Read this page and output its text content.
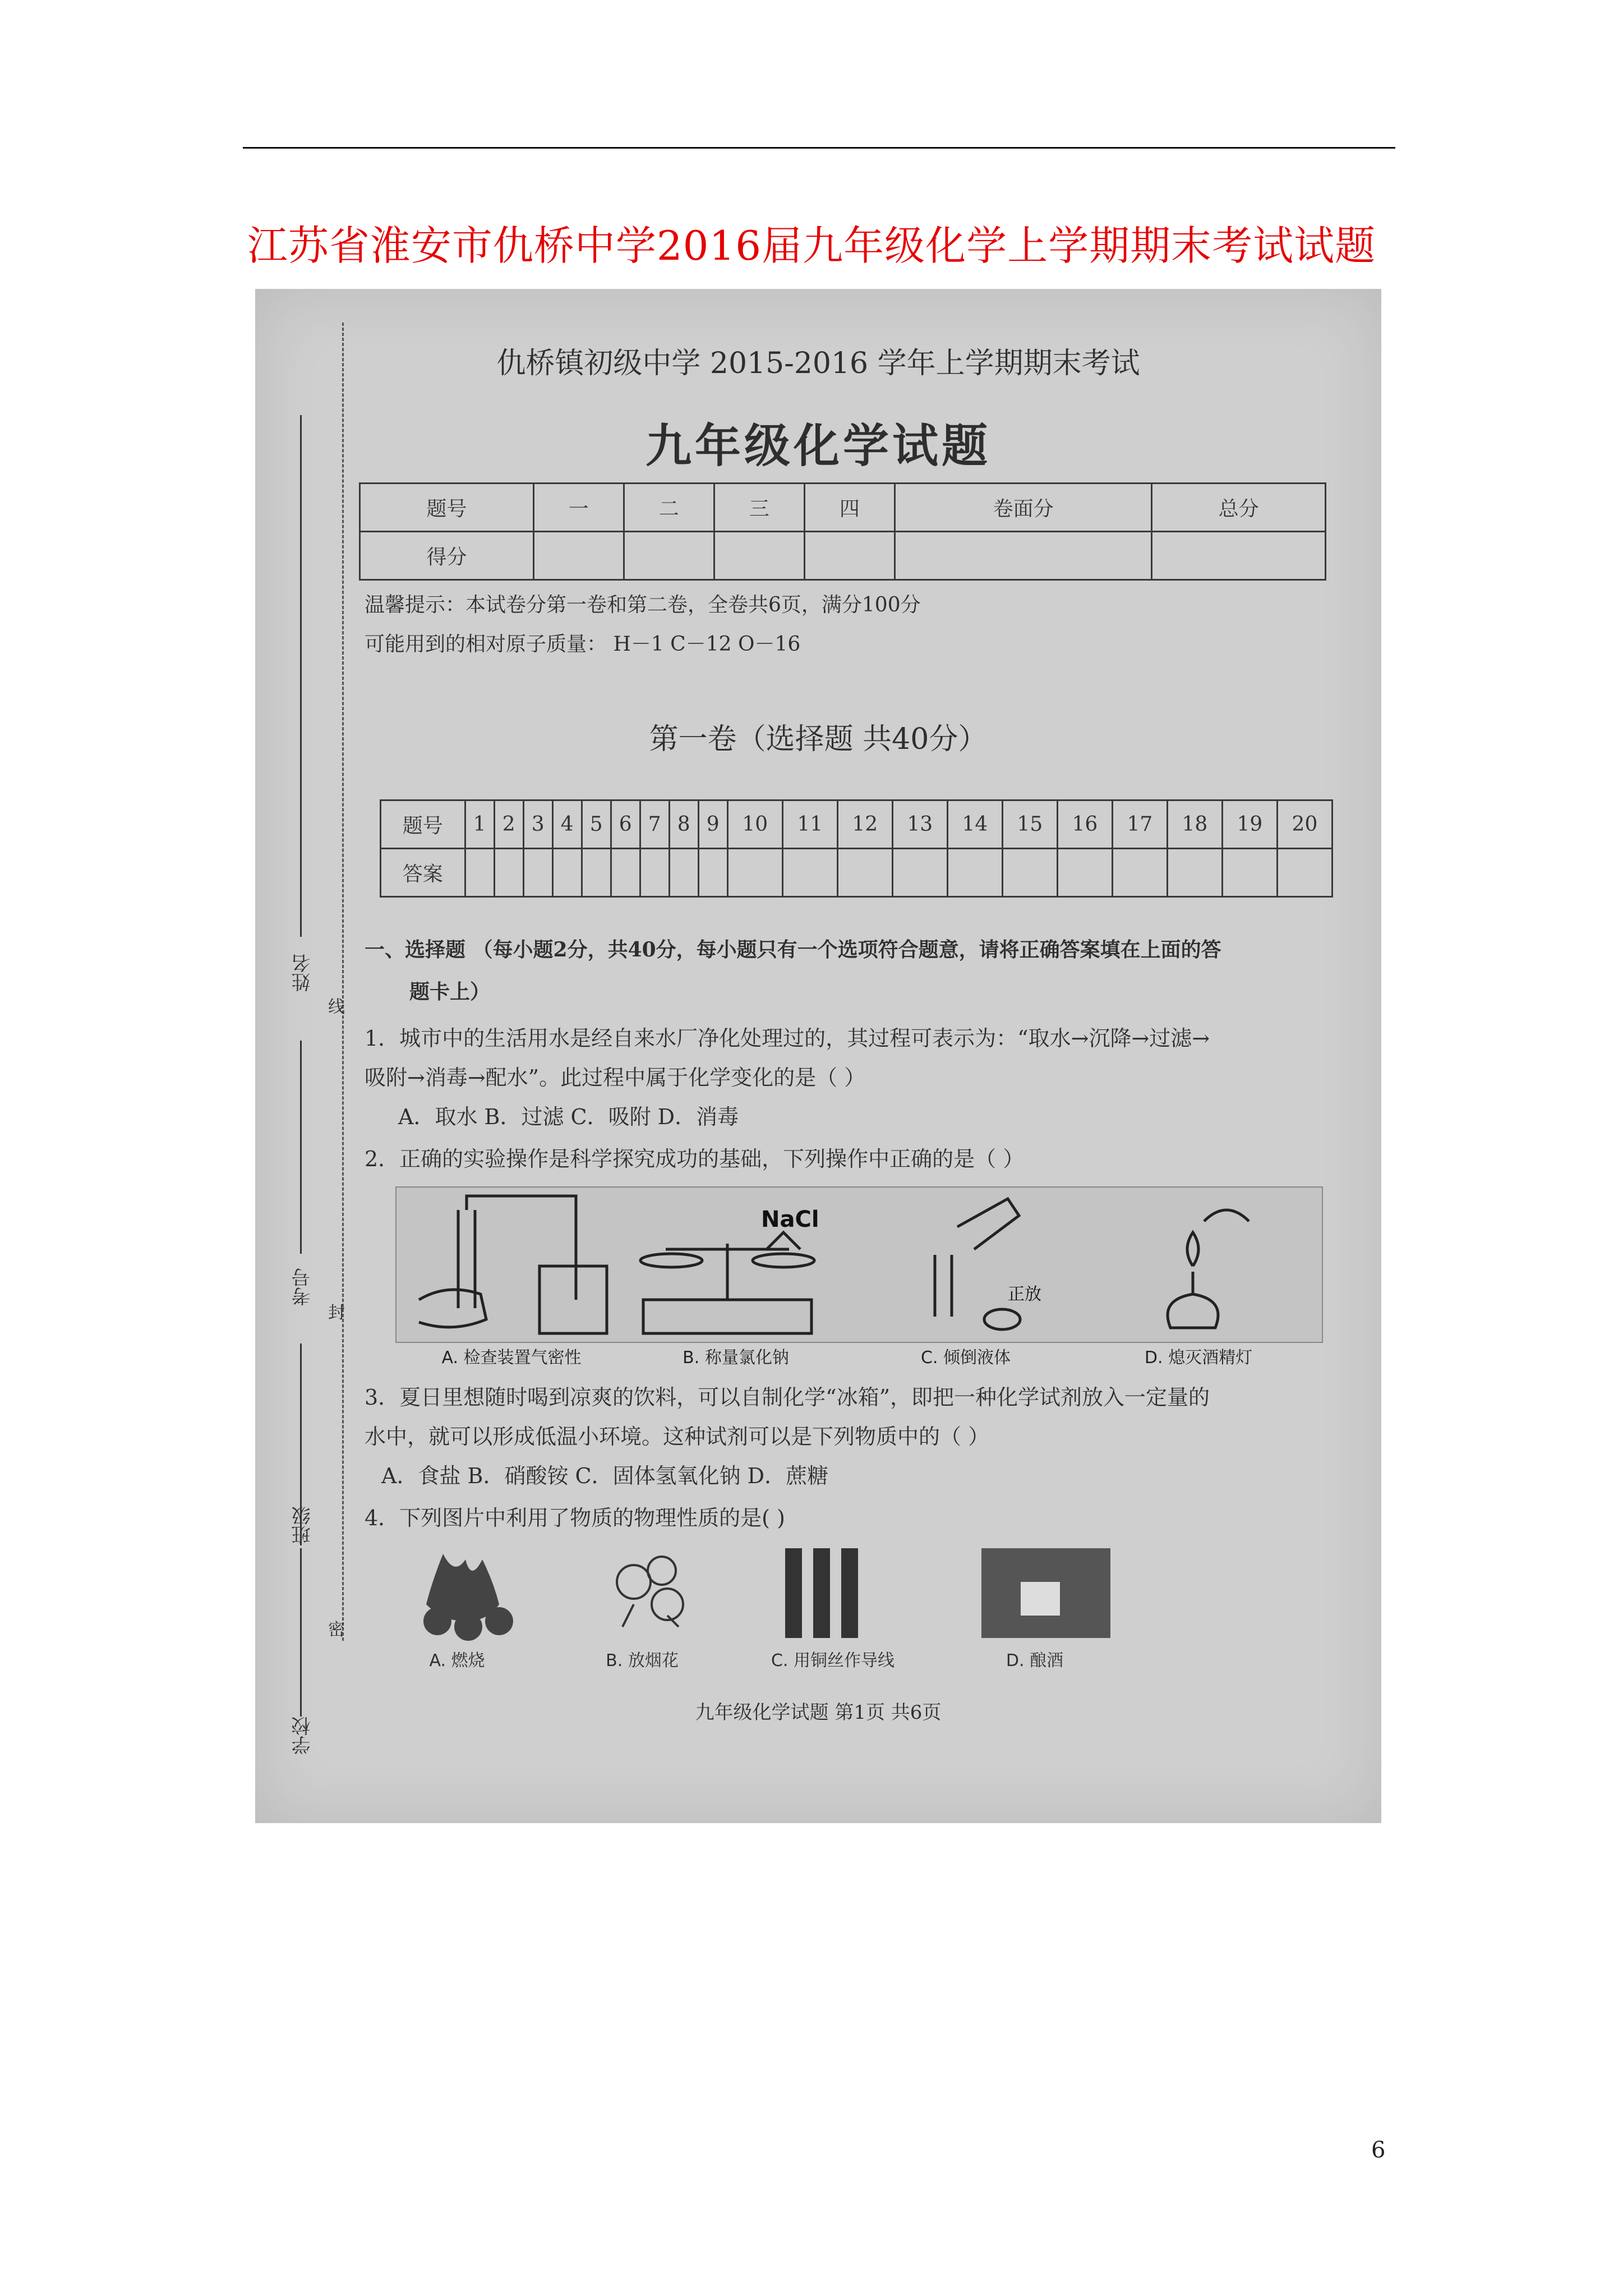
江苏省淮安市仇桥中学2016届九年级化学上学期期末考试试题
姓名
线
考号
封
班级
密
学校
仇桥镇初级中学 2015-2016 学年上学期期末考试
九年级化学试题
题号	一	二	三	四	卷面分	总分
得分						
温馨提示：本试卷分第一卷和第二卷，全卷共6页，满分100分
可能用到的相对原子质量： H－1 C－12 O－16
第一卷（选择题 共40分）
题号	1	2	3	4	5	6	7	8	9	10	11	12	13	14	15	16	17	18	19	20
答案																				
一、选择题 （每小题2分，共40分，每小题只有一个选项符合题意，请将正确答案填在上面的答
题卡上）
1．城市中的生活用水是经自来水厂净化处理过的，其过程可表示为：“取水→沉降→过滤→
吸附→消毒→配水”。此过程中属于化学变化的是（ ）
A．取水 B．过滤 C．吸附 D．消毒
2．正确的实验操作是科学探究成功的基础，下列操作中正确的是（ ）
NaCl
正放
A. 检查装置气密性	B. 称量氯化钠	C. 倾倒液体	D. 熄灭酒精灯
3．夏日里想随时喝到凉爽的饮料，可以自制化学“冰箱”，即把一种化学试剂放入一定量的
水中，就可以形成低温小环境。这种试剂可以是下列物质中的（ ）
A．食盐 B．硝酸铵 C．固体氢氧化钠 D．蔗糖
4．下列图片中利用了物质的物理性质的是( )
A. 燃烧	B. 放烟花	C. 用铜丝作导线	D. 酿酒
九年级化学试题 第1页 共6页
6
